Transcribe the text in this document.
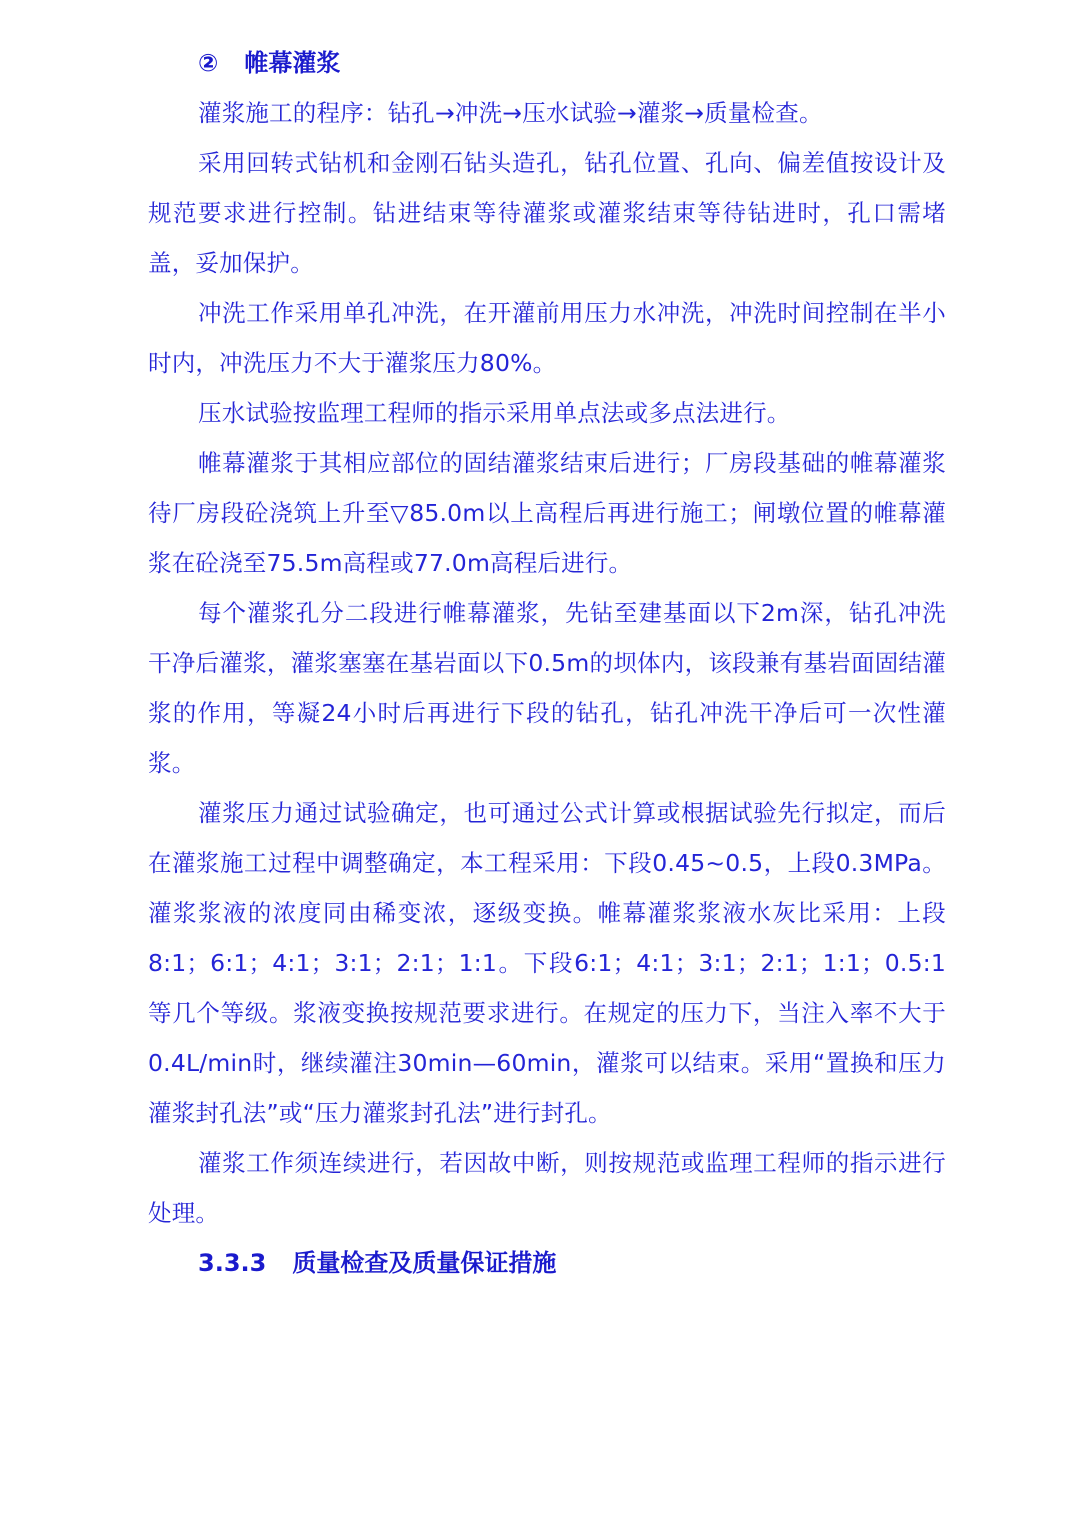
② 帷幕灌浆

灌浆施工的程序：钻孔→冲洗→压水试验→灌浆→质量检查。

采用回转式钻机和金刚石钻头造孔，钻孔位置、孔向、偏差值按设计及规范要求进行控制。钻进结束等待灌浆或灌浆结束等待钻进时，孔口需堵盖，妥加保护。

冲洗工作采用单孔冲洗，在开灌前用压力水冲洗，冲洗时间控制在半小时内，冲洗压力不大于灌浆压力80%。

压水试验按监理工程师的指示采用单点法或多点法进行。

帷幕灌浆于其相应部位的固结灌浆结束后进行；厂房段基础的帷幕灌浆待厂房段砼浇筑上升至▽85.0m以上高程后再进行施工；闸墩位置的帷幕灌浆在砼浇至75.5m高程或77.0m高程后进行。

每个灌浆孔分二段进行帷幕灌浆，先钻至建基面以下2m深，钻孔冲洗干净后灌浆，灌浆塞塞在基岩面以下0.5m的坝体内，该段兼有基岩面固结灌浆的作用，等凝24小时后再进行下段的钻孔，钻孔冲洗干净后可一次性灌浆。

灌浆压力通过试验确定，也可通过公式计算或根据试验先行拟定，而后在灌浆施工过程中调整确定，本工程采用：下段0.45~0.5，上段0.3MPa。灌浆浆液的浓度同由稀变浓，逐级变换。帷幕灌浆浆液水灰比采用：上段8:1；6:1；4:1；3:1；2:1；1:1。下段6:1；4:1；3:1；2:1；1:1；0.5:1等几个等级。浆液变换按规范要求进行。在规定的压力下，当注入率不大于0.4L/min时，继续灌注30min—60min，灌浆可以结束。采用“置换和压力灌浆封孔法”或“压力灌浆封孔法”进行封孔。

灌浆工作须连续进行，若因故中断，则按规范或监理工程师的指示进行处理。

3.3.3 质量检查及质量保证措施
